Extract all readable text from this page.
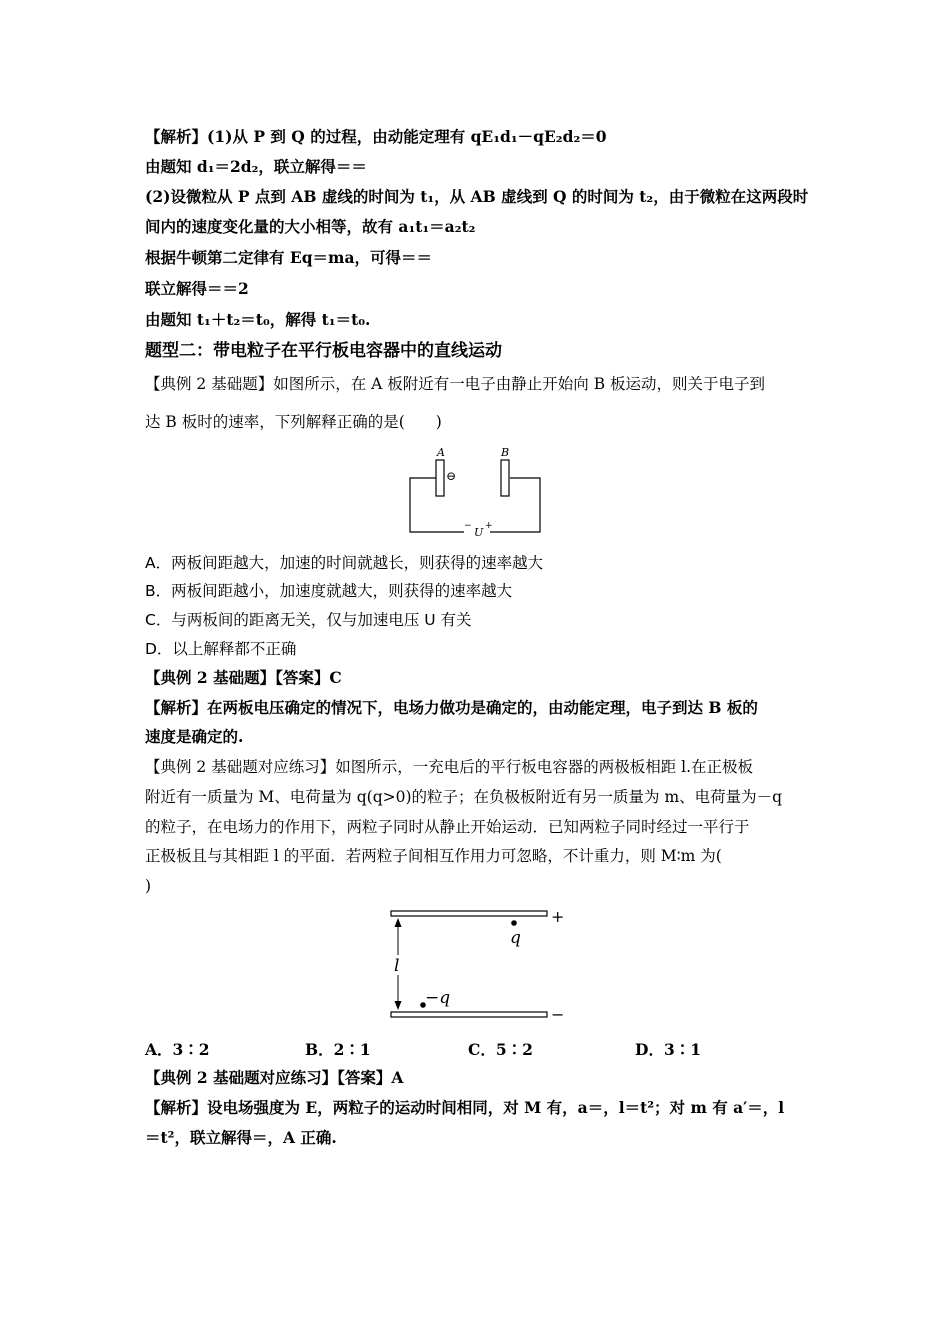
【解析】(1)从 P 到 Q 的过程，由动能定理有 qE₁d₁－qE₂d₂＝0
由题知 d₁＝2d₂，联立解得＝＝
(2)设微粒从 P 点到 AB 虚线的时间为 t₁，从 AB 虚线到 Q 的时间为 t₂，由于微粒在这两段时
间内的速度变化量的大小相等，故有 a₁t₁＝a₂t₂
根据牛顿第二定律有 Eq＝ma，可得＝＝
联立解得＝＝2
由题知 t₁＋t₂＝t₀，解得 t₁＝t₀.
题型二：带电粒子在平行板电容器中的直线运动
【典例 2 基础题】如图所示，在 A 板附近有一电子由静止开始向 B 板运动，则关于电子到
达 B 板时的速率，下列解释正确的是(　　)
A	B
⊖
− U +
A．两板间距越大，加速的时间就越长，则获得的速率越大
B．两板间距越小，加速度就越大，则获得的速率越大
C．与两板间的距离无关，仅与加速电压 U 有关
D．以上解释都不正确
【典例 2 基础题】【答案】C
【解析】在两板电压确定的情况下，电场力做功是确定的，由动能定理，电子到达 B 板的
速度是确定的.
【典例 2 基础题对应练习】如图所示，一充电后的平行板电容器的两极板相距 l.在正极板
附近有一质量为 M、电荷量为 q(q>0)的粒子；在负极板附近有另一质量为 m、电荷量为－q
的粒子，在电场力的作用下，两粒子同时从静止开始运动．已知两粒子同时经过一平行于
正极板且与其相距 l 的平面．若两粒子间相互作用力可忽略，不计重力，则 M∶m 为(
)
+
−
q
−q
l
A．3∶2	B．2∶1	C．5∶2	D．3∶1
【典例 2 基础题对应练习】【答案】A
【解析】设电场强度为 E，两粒子的运动时间相同，对 M 有，a＝，l＝t²；对 m 有 a′＝，l
＝t²，联立解得＝，A 正确.
